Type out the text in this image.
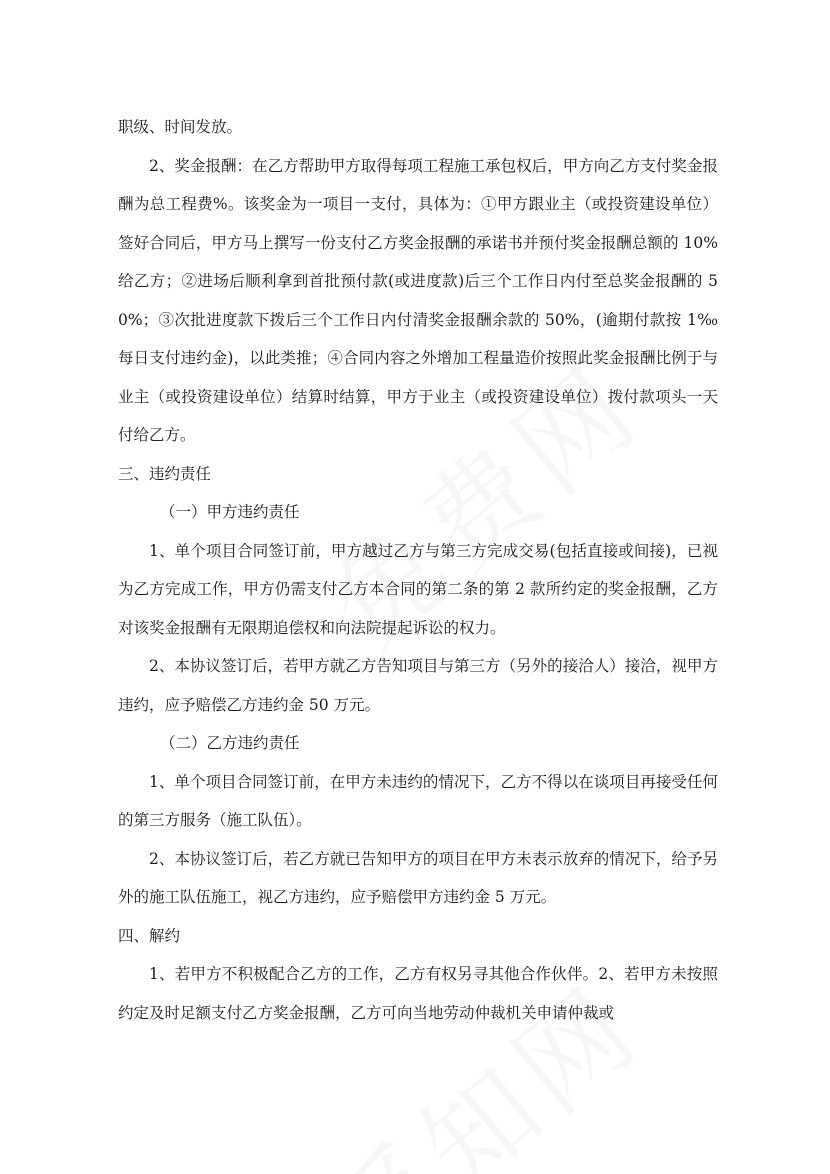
职级、时间发放。

2、奖金报酬：在乙方帮助甲方取得每项工程施工承包权后，甲方向乙方支付奖金报酬为总工程费%。该奖金为一项目一支付，具体为：①甲方跟业主（或投资建设单位）签好合同后，甲方马上撰写一份支付乙方奖金报酬的承诺书并预付奖金报酬总额的 10%给乙方；②进场后顺利拿到首批预付款(或进度款)后三个工作日内付至总奖金报酬的 50%；③次批进度款下拨后三个工作日内付清奖金报酬余款的 50%，(逾期付款按 1‰每日支付违约金)，以此类推；④合同内容之外增加工程量造价按照此奖金报酬比例于与业主（或投资建设单位）结算时结算，甲方于业主（或投资建设单位）拨付款项头一天付给乙方。

三、违约责任

（一）甲方违约责任

1、单个项目合同签订前，甲方越过乙方与第三方完成交易(包括直接或间接)，已视为乙方完成工作，甲方仍需支付乙方本合同的第二条的第 2 款所约定的奖金报酬，乙方对该奖金报酬有无限期追偿权和向法院提起诉讼的权力。

2、本协议签订后，若甲方就乙方告知项目与第三方（另外的接洽人）接洽，视甲方违约，应予赔偿乙方违约金 50 万元。

（二）乙方违约责任

1、单个项目合同签订前，在甲方未违约的情况下，乙方不得以在谈项目再接受任何的第三方服务（施工队伍）。

2、本协议签订后，若乙方就已告知甲方的项目在甲方未表示放弃的情况下，给予另外的施工队伍施工，视乙方违约，应予赔偿甲方违约金 5 万元。

四、解约

1、若甲方不积极配合乙方的工作，乙方有权另寻其他合作伙伴。2、若甲方未按照约定及时足额支付乙方奖金报酬，乙方可向当地劳动仲裁机关申请仲裁或
